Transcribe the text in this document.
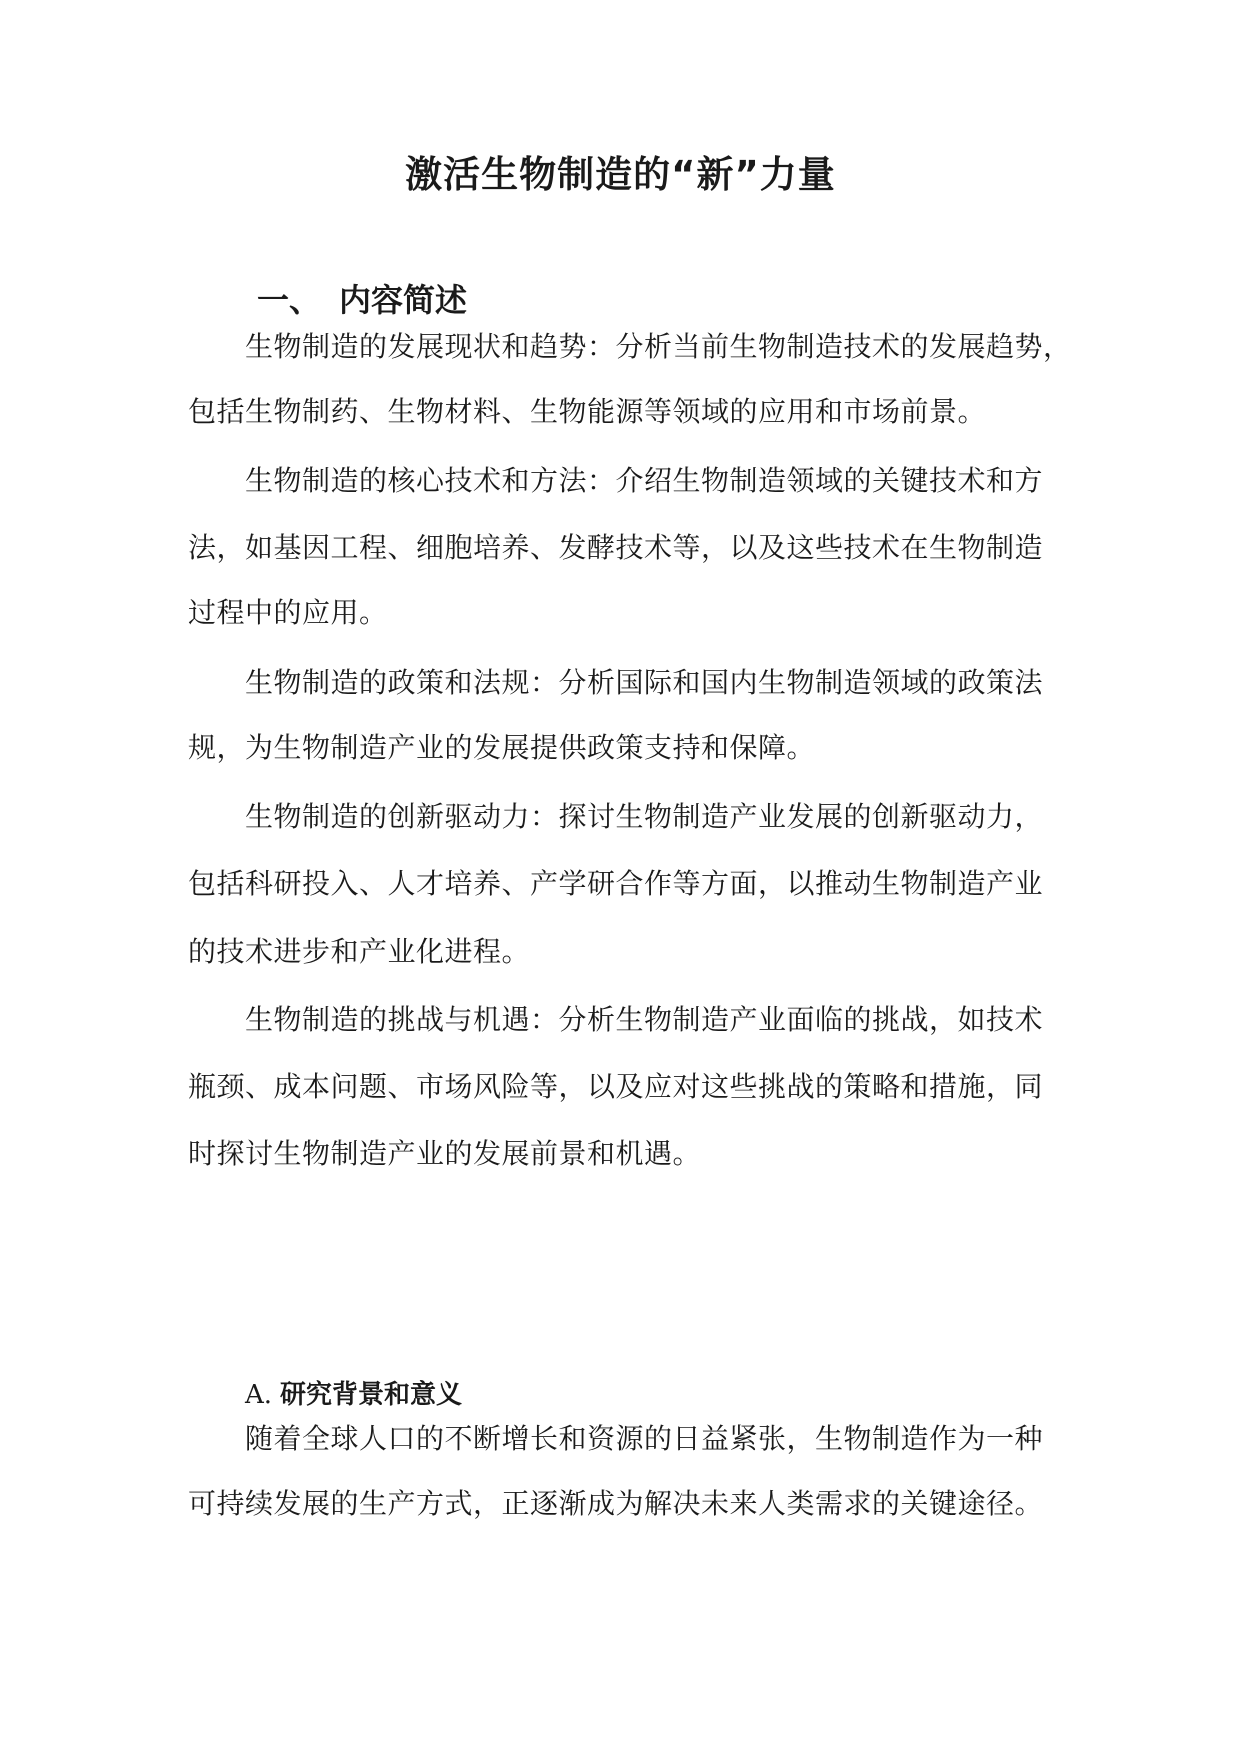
激活生物制造的“新”力量
一、 内容简述
生物制造的发展现状和趋势：分析当前生物制造技术的发展趋势，
包括生物制药、生物材料、生物能源等领域的应用和市场前景。
生物制造的核心技术和方法：介绍生物制造领域的关键技术和方
法，如基因工程、细胞培养、发酵技术等，以及这些技术在生物制造
过程中的应用。
生物制造的政策和法规：分析国际和国内生物制造领域的政策法
规，为生物制造产业的发展提供政策支持和保障。
生物制造的创新驱动力：探讨生物制造产业发展的创新驱动力，
包括科研投入、人才培养、产学研合作等方面，以推动生物制造产业
的技术进步和产业化进程。
生物制造的挑战与机遇：分析生物制造产业面临的挑战，如技术
瓶颈、成本问题、市场风险等，以及应对这些挑战的策略和措施，同
时探讨生物制造产业的发展前景和机遇。
A. 研究背景和意义
随着全球人口的不断增长和资源的日益紧张，生物制造作为一种
可持续发展的生产方式，正逐渐成为解决未来人类需求的关键途径。
